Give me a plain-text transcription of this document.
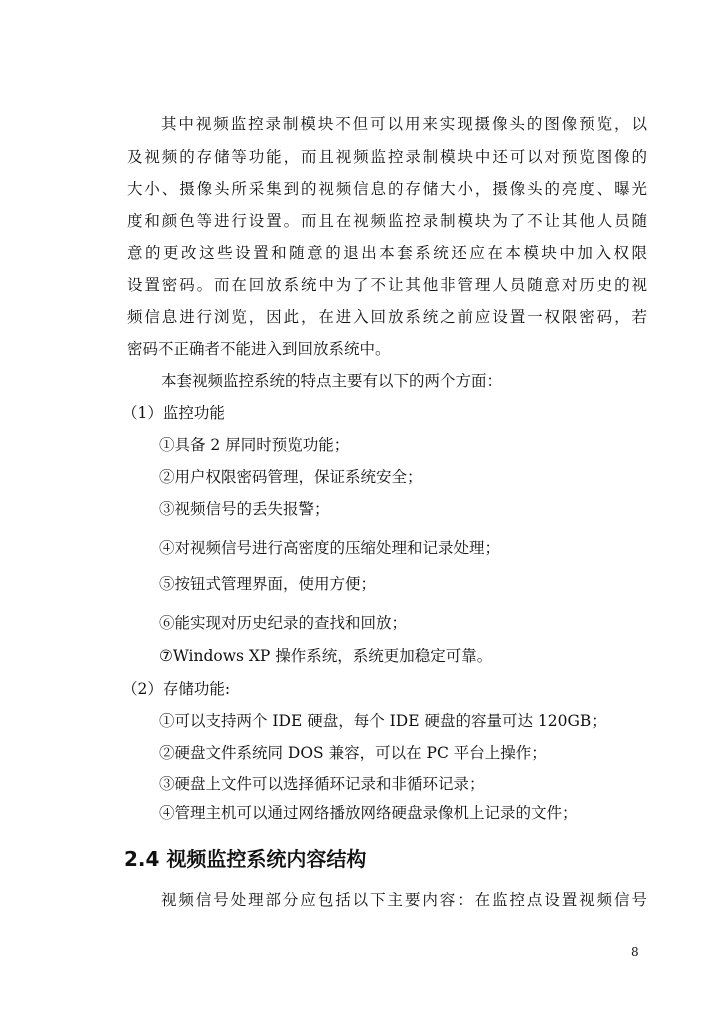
其中视频监控录制模块不但可以用来实现摄像头的图像预览，以
及视频的存储等功能，而且视频监控录制模块中还可以对预览图像的
大小、摄像头所采集到的视频信息的存储大小，摄像头的亮度、曝光
度和颜色等进行设置。而且在视频监控录制模块为了不让其他人员随
意的更改这些设置和随意的退出本套系统还应在本模块中加入权限
设置密码。而在回放系统中为了不让其他非管理人员随意对历史的视
频信息进行浏览，因此，在进入回放系统之前应设置一权限密码，若
密码不正确者不能进入到回放系统中。
本套视频监控系统的特点主要有以下的两个方面：
（1）监控功能
①具备 2 屏同时预览功能；
②用户权限密码管理，保证系统安全；
③视频信号的丢失报警；
④对视频信号进行高密度的压缩处理和记录处理；
⑤按钮式管理界面，使用方便；
⑥能实现对历史纪录的查找和回放；
⑦Windows XP 操作系统，系统更加稳定可靠。
（2）存储功能:
①可以支持两个 IDE 硬盘，每个 IDE 硬盘的容量可达 120GB；
②硬盘文件系统同 DOS 兼容，可以在 PC 平台上操作；
③硬盘上文件可以选择循环记录和非循环记录；
④管理主机可以通过网络播放网络硬盘录像机上记录的文件；
2.4 视频监控系统内容结构
视频信号处理部分应包括以下主要内容：在监控点设置视频信号
8
